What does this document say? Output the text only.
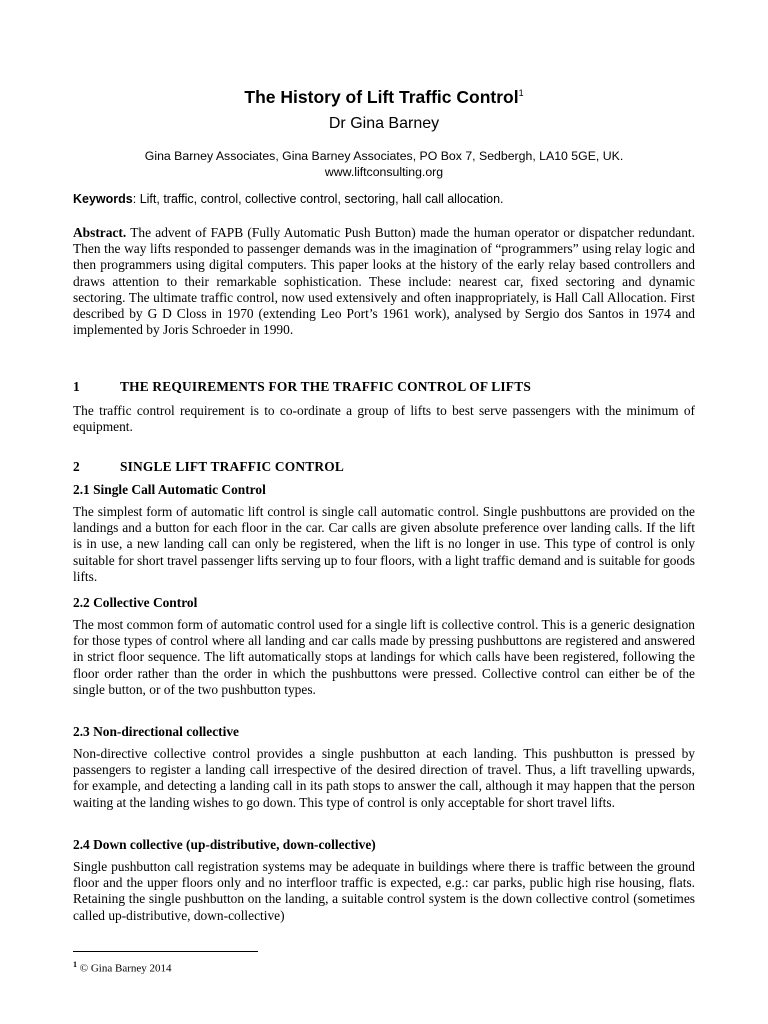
The History of Lift Traffic Control$^1$
Dr Gina Barney
Gina Barney Associates, Gina Barney Associates, PO Box 7, Sedbergh, LA10 5GE, UK.
www.liftconsulting.org
Keywords: Lift, traffic, control, collective control, sectoring, hall call allocation.
Abstract. The advent of FAPB (Fully Automatic Push Button) made the human operator or dispatcher redundant. Then the way lifts responded to passenger demands was in the imagination of “programmers” using relay logic and then programmers using digital computers. This paper looks at the history of the early relay based controllers and draws attention to their remarkable sophistication. These include: nearest car, fixed sectoring and dynamic sectoring. The ultimate traffic control, now used extensively and often inappropriately, is Hall Call Allocation. First described by G D Closs in 1970 (extending Leo Port’s 1961 work), analysed by Sergio dos Santos in 1974 and implemented by Joris Schroeder in 1990.
1	THE REQUIREMENTS FOR THE TRAFFIC CONTROL OF LIFTS
The traffic control requirement is to co-ordinate a group of lifts to best serve passengers with the minimum of equipment.
2	SINGLE LIFT TRAFFIC CONTROL
2.1 Single Call Automatic Control
The simplest form of automatic lift control is single call automatic control. Single pushbuttons are provided on the landings and a button for each floor in the car. Car calls are given absolute preference over landing calls. If the lift is in use, a new landing call can only be registered, when the lift is no longer in use. This type of control is only suitable for short travel passenger lifts serving up to four floors, with a light traffic demand and is suitable for goods lifts.
2.2 Collective Control
The most common form of automatic control used for a single lift is collective control. This is a generic designation for those types of control where all landing and car calls made by pressing pushbuttons are registered and answered in strict floor sequence. The lift automatically stops at landings for which calls have been registered, following the floor order rather than the order in which the pushbuttons were pressed. Collective control can either be of the single button, or of the two pushbutton types.
2.3 Non-directional collective
Non-directive collective control provides a single pushbutton at each landing. This pushbutton is pressed by passengers to register a landing call irrespective of the desired direction of travel. Thus, a lift travelling upwards, for example, and detecting a landing call in its path stops to answer the call, although it may happen that the person waiting at the landing wishes to go down. This type of control is only acceptable for short travel lifts.
2.4 Down collective (up-distributive, down-collective)
Single pushbutton call registration systems may be adequate in buildings where there is traffic between the ground floor and the upper floors only and no interfloor traffic is expected, e.g.: car parks, public high rise housing, flats. Retaining the single pushbutton on the landing, a suitable control system is the down collective control (sometimes called up-distributive, down-collective)
$^1$ © Gina Barney 2014
